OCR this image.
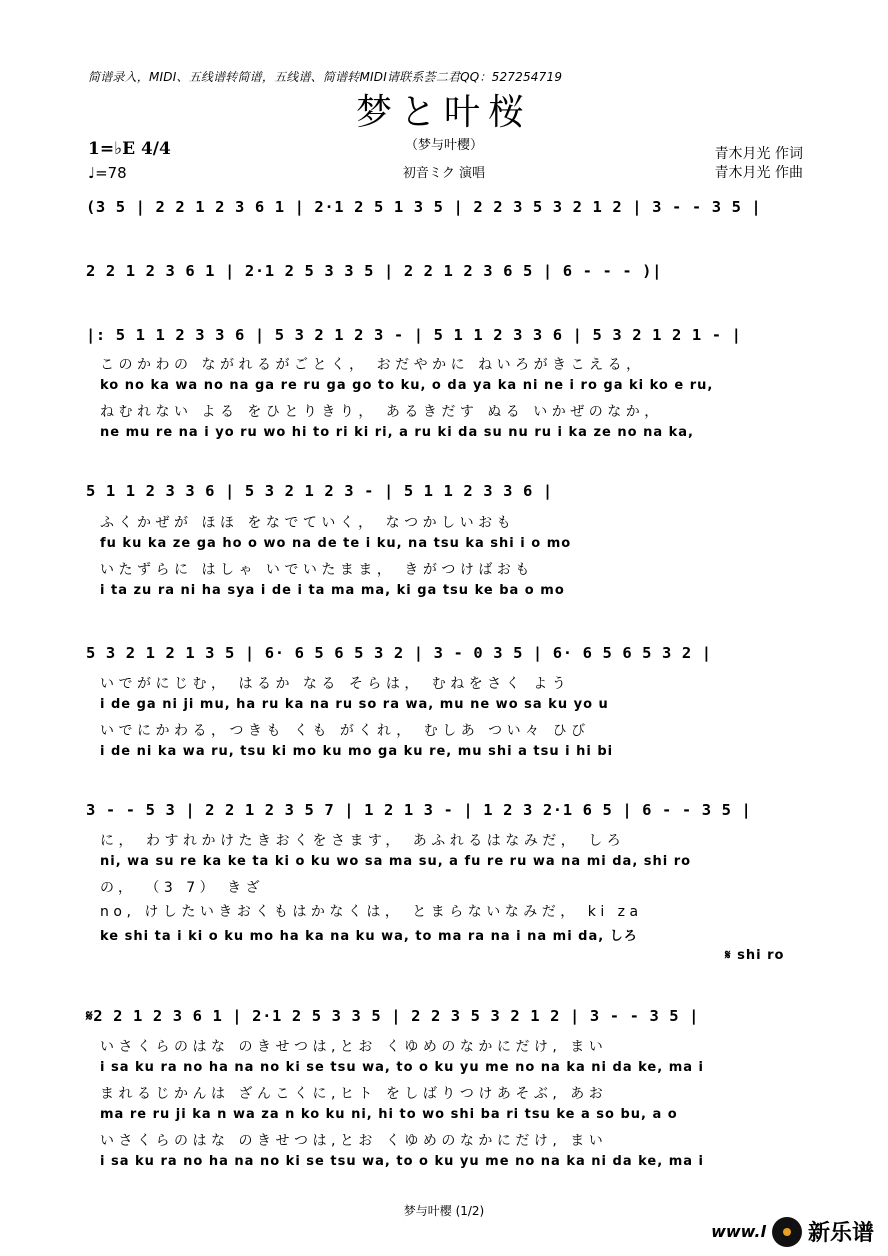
简谱录入，MIDI、五线谱转简谱，五线谱、简谱转MIDI请联系荟二君QQ：527254719
梦と叶桜
（梦与叶樱）
初音ミク 演唱
青木月光 作词
青木月光 作曲
1=♭E 4/4
♩=78
(3 5 | 2 2 1 2 3 6 1 | 2·1 2 5 1 3 5 | 2 2 3 5 3 2 1 2 | 3 - - 3 5 |
2 2 1 2 3 6 1 | 2·1 2 5 3 3 5 | 2 2 1 2 3 6 5 | 6 - - - )|
|: 5 1 1 2 3 3 6 | 5 3 2 1 2 3 - | 5 1 1 2 3 3 6 | 5 3 2 1 2 1 - |
このかわの ながれるがごとく， おだやかに ねいろがきこえる，
ko no ka wa no na ga re ru ga go to ku, o da ya ka ni ne i ro ga ki ko e ru,
ねむれない よる をひとりきり， あるきだす ぬる いかぜのなか，
ne mu re na i yo ru wo hi to ri ki ri, a ru ki da su nu ru i ka ze no na ka,
5 1 1 2 3 3 6 | 5 3 2 1 2 3 - | 5 1 1 2 3 3 6 |
ふくかぜが ほほ をなでていく， なつかしいおも
fu ku ka ze ga ho o wo na de te i ku, na tsu ka shi i o mo
いたずらに はしゃ いでいたまま， きがつけばおも
i ta zu ra ni ha sya i de i ta ma ma, ki ga tsu ke ba o mo
5 3 2 1 2 1 3 5 | 6· 6 5 6 5 3 2 | 3 - 0 3 5 | 6· 6 5 6 5 3 2 |
いでがにじむ， はるか なる そらは， むねをさく よう
i de ga ni ji mu, ha ru ka na ru so ra wa, mu ne wo sa ku yo u
いでにかわる，つきも くも がくれ， むしあ つい々 ひび
i de ni ka wa ru, tsu ki mo ku mo ga ku re, mu shi a tsu i hi bi
3 - - 5 3 | 2 2 1 2 3 5 7 | 1 2 1 3 - | 1 2 3 2·1 6 5 | 6 - - 3 5 |
に， わすれかけたきおくをさます， あふれるはなみだ， しろ
ni, wa su re ka ke ta ki o ku wo sa ma su, a fu re ru wa na mi da, shi ro
の， （3 7） きざ
no, けしたいきおくもはかなくは， とまらないなみだ， ki za
ke shi ta i ki o ku mo ha ka na ku wa, to ma ra na i na mi da, しろ
𝄋 shi ro
𝄋2 2 1 2 3 6 1 | 2·1 2 5 3 3 5 | 2 2 3 5 3 2 1 2 | 3 - - 3 5 |
いさくらのはな のきせつは,とお くゆめのなかにだけ, まい
i sa ku ra no ha na no ki se tsu wa, to o ku yu me no na ka ni da ke, ma i
まれるじかんは ざんこくに,ヒト をしばりつけあそぶ, あお
ma re ru ji ka n wa za n ko ku ni, hi to wo shi ba ri tsu ke a so bu, a o
いさくらのはな のきせつは,とお くゆめのなかにだけ, まい
i sa ku ra no ha na no ki se tsu wa, to o ku yu me no na ka ni da ke, ma i
梦与叶樱 (1/2)
www.l 新乐谱
